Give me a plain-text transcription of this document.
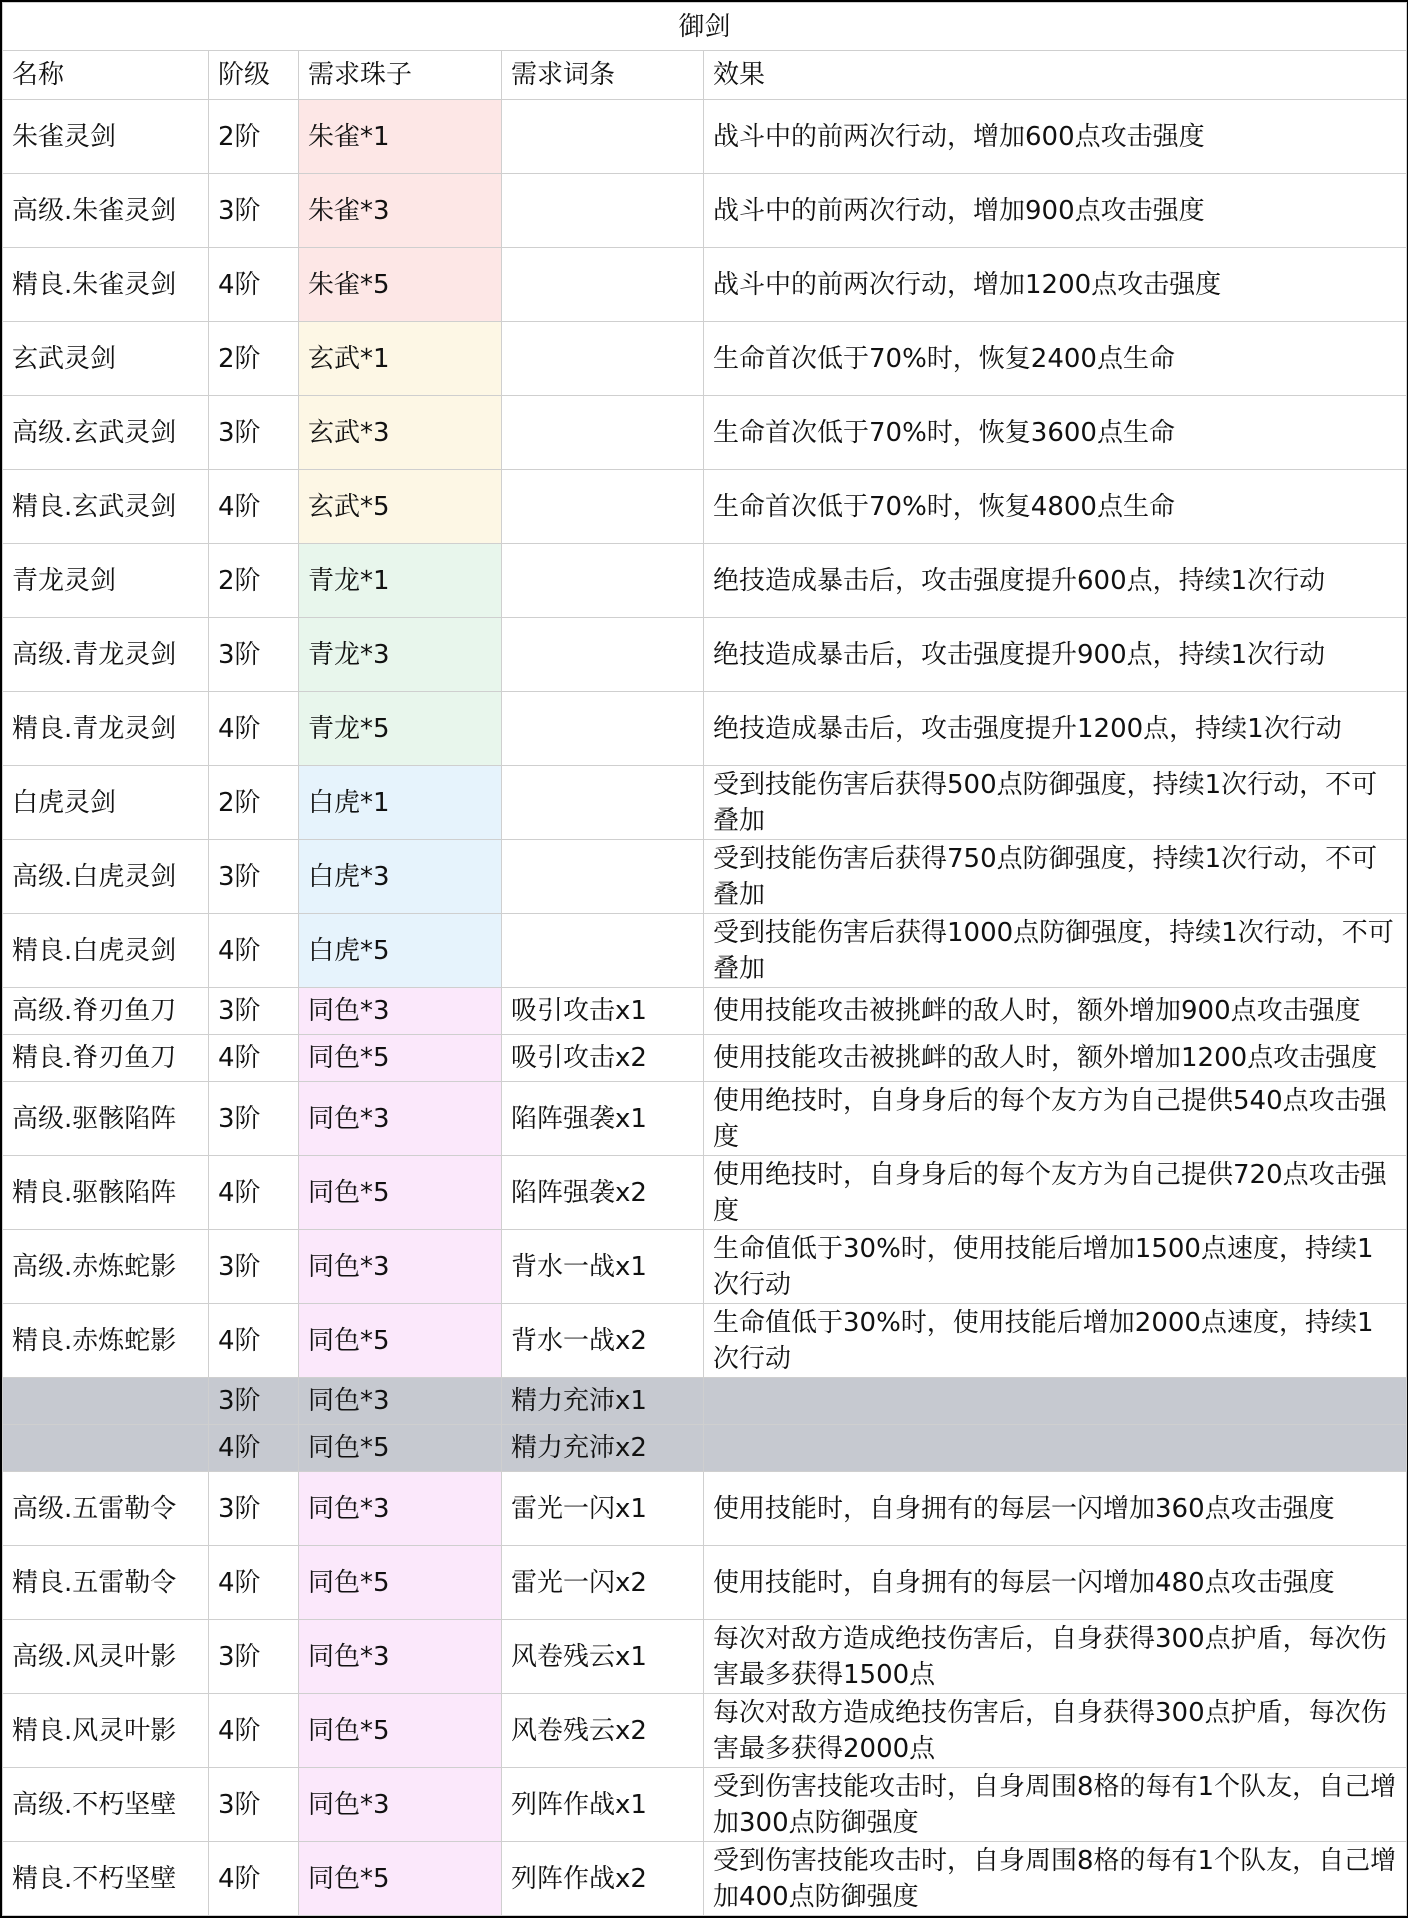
御剑				
名称	阶级	需求珠子	需求词条	效果
朱雀灵剑	2阶	朱雀*1		战斗中的前两次行动，增加600点攻击强度
高级.朱雀灵剑	3阶	朱雀*3		战斗中的前两次行动，增加900点攻击强度
精良.朱雀灵剑	4阶	朱雀*5		战斗中的前两次行动，增加1200点攻击强度
玄武灵剑	2阶	玄武*1		生命首次低于70%时，恢复2400点生命
高级.玄武灵剑	3阶	玄武*3		生命首次低于70%时，恢复3600点生命
精良.玄武灵剑	4阶	玄武*5		生命首次低于70%时，恢复4800点生命
青龙灵剑	2阶	青龙*1		绝技造成暴击后，攻击强度提升600点，持续1次行动
高级.青龙灵剑	3阶	青龙*3		绝技造成暴击后，攻击强度提升900点，持续1次行动
精良.青龙灵剑	4阶	青龙*5		绝技造成暴击后，攻击强度提升1200点，持续1次行动
白虎灵剑	2阶	白虎*1		受到技能伤害后获得500点防御强度，持续1次行动，不可叠加
高级.白虎灵剑	3阶	白虎*3		受到技能伤害后获得750点防御强度，持续1次行动，不可叠加
精良.白虎灵剑	4阶	白虎*5		受到技能伤害后获得1000点防御强度，持续1次行动，不可叠加
高级.脊刃鱼刀	3阶	同色*3	吸引攻击x1	使用技能攻击被挑衅的敌人时，额外增加900点攻击强度
精良.脊刃鱼刀	4阶	同色*5	吸引攻击x2	使用技能攻击被挑衅的敌人时，额外增加1200点攻击强度
高级.驱骸陷阵	3阶	同色*3	陷阵强袭x1	使用绝技时，自身身后的每个友方为自己提供540点攻击强度
精良.驱骸陷阵	4阶	同色*5	陷阵强袭x2	使用绝技时，自身身后的每个友方为自己提供720点攻击强度
高级.赤炼蛇影	3阶	同色*3	背水一战x1	生命值低于30%时，使用技能后增加1500点速度，持续1次行动
精良.赤炼蛇影	4阶	同色*5	背水一战x2	生命值低于30%时，使用技能后增加2000点速度，持续1次行动
	3阶	同色*3	精力充沛x1	
	4阶	同色*5	精力充沛x2	
高级.五雷勒令	3阶	同色*3	雷光一闪x1	使用技能时，自身拥有的每层一闪增加360点攻击强度
精良.五雷勒令	4阶	同色*5	雷光一闪x2	使用技能时，自身拥有的每层一闪增加480点攻击强度
高级.风灵叶影	3阶	同色*3	风卷残云x1	每次对敌方造成绝技伤害后，自身获得300点护盾，每次伤害最多获得1500点
精良.风灵叶影	4阶	同色*5	风卷残云x2	每次对敌方造成绝技伤害后，自身获得300点护盾，每次伤害最多获得2000点
高级.不朽坚壁	3阶	同色*3	列阵作战x1	受到伤害技能攻击时，自身周围8格的每有1个队友，自己增加300点防御强度
精良.不朽坚壁	4阶	同色*5	列阵作战x2	受到伤害技能攻击时，自身周围8格的每有1个队友，自己增加400点防御强度
